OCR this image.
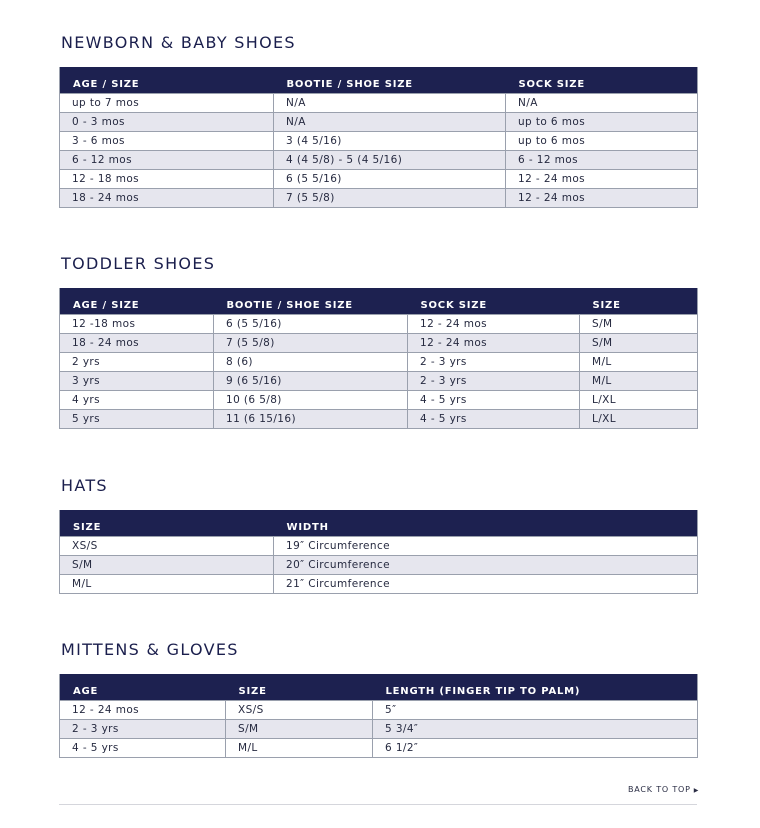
NEWBORN & BABY SHOES
AGE / SIZE	BOOTIE / SHOE SIZE	SOCK SIZE
up to 7 mos	N/A	N/A
0 - 3 mos	N/A	up to 6 mos
3 - 6 mos	3 (4 5/16)	up to 6 mos
6 - 12 mos	4 (4 5/8) - 5 (4 5/16)	6 - 12 mos
12 - 18 mos	6 (5 5/16)	12 - 24 mos
18 - 24 mos	7 (5 5/8)	12 - 24 mos
TODDLER SHOES
AGE / SIZE	BOOTIE / SHOE SIZE	SOCK SIZE	SIZE
12 -18 mos	6 (5 5/16)	12 - 24 mos	S/M
18 - 24 mos	7 (5 5/8)	12 - 24 mos	S/M
2 yrs	8 (6)	2 - 3 yrs	M/L
3 yrs	9 (6 5/16)	2 - 3 yrs	M/L
4 yrs	10 (6 5/8)	4 - 5 yrs	L/XL
5 yrs	11 (6 15/16)	4 - 5 yrs	L/XL
HATS
SIZE	WIDTH
XS/S	19″ Circumference
S/M	20″ Circumference
M/L	21″ Circumference
MITTENS & GLOVES
AGE	SIZE	LENGTH (FINGER TIP TO PALM)
12 - 24 mos	XS/S	5″
2 - 3 yrs	S/M	5 3/4″
4 - 5 yrs	M/L	6 1/2″
BACK TO TOP ▶
